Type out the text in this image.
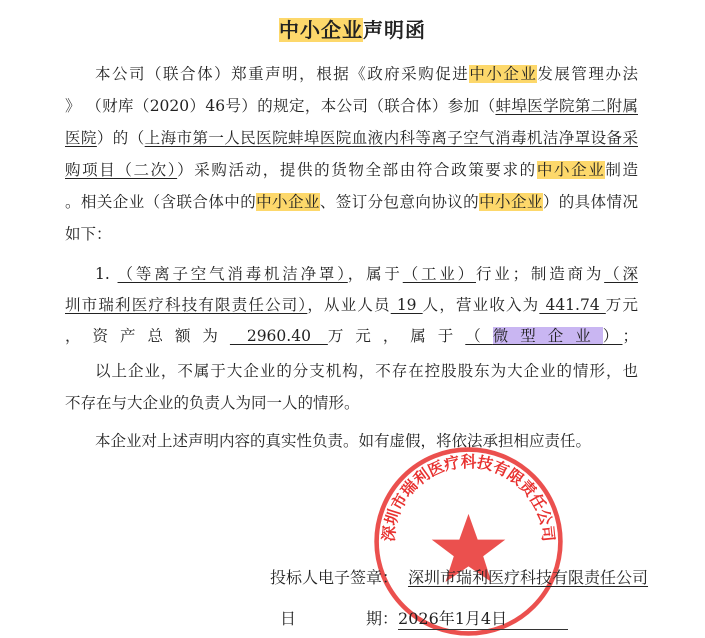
中小企业声明函
本公司（联合体）郑重声明，根据《政府采购促进中小企业发展管理办法
》 （财库（2020）46号）的规定，本公司（联合体）参加（蚌埠医学院第二附属
医院）的（上海市第一人民医院蚌埠医院血液内科等离子空气消毒机洁净罩设备采
购项目（二次））采购活动，提供的货物全部由符合政策要求的中小企业制造
。相关企业（含联合体中的中小企业、签订分包意向协议的中小企业）的具体情况
如下：
1. （等离子空气消毒机洁净罩），属于（工业）行业；制造商为（深
圳市瑞利医疗科技有限责任公司），从业人员 19 人，营业收入为 441.74 万元
，资产总额为 2960.40 万元，属于（微型企业）；
以上企业，不属于大企业的分支机构，不存在控股股东为大企业的情形，也
不存在与大企业的负责人为同一人的情形。
本企业对上述声明内容的真实性负责。如有虚假，将依法承担相应责任。
深圳市瑞利医疗科技有限责任公司
投标人电子签章： 深圳市瑞利医疗科技有限责任公司
日	期：2026年1月4日
